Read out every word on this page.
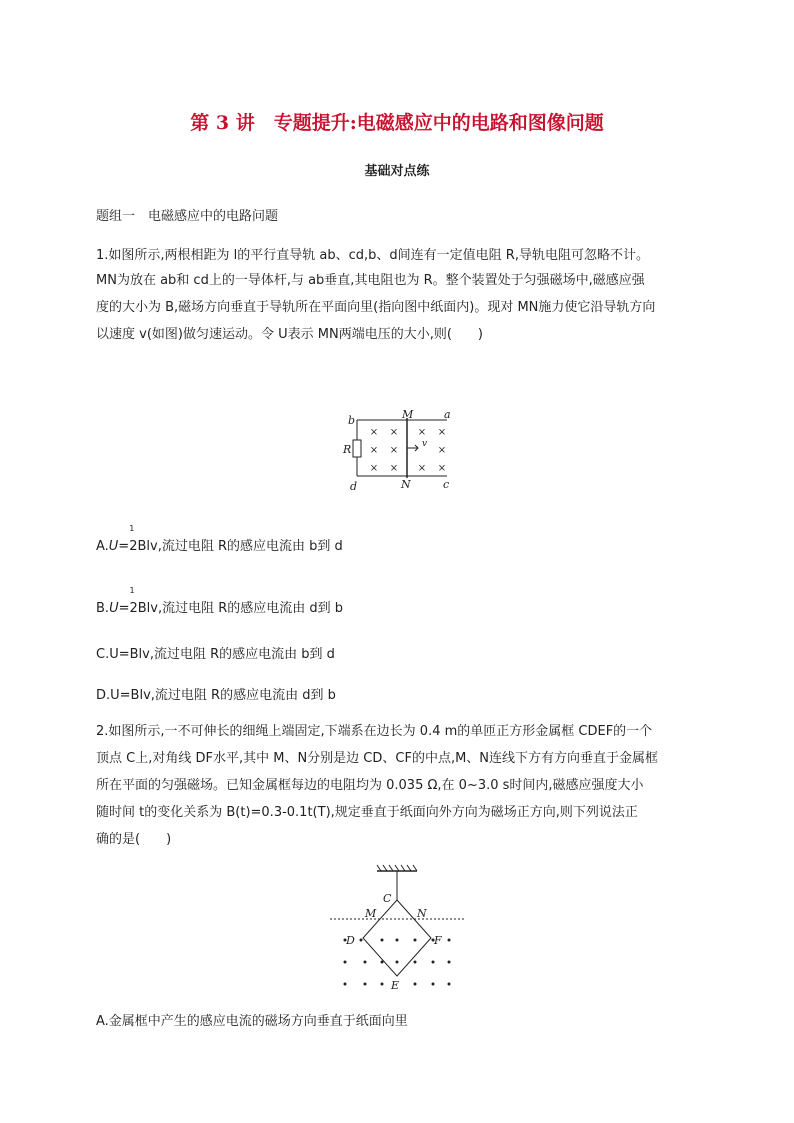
第 3 讲　专题提升:电磁感应中的电路和图像问题
基础对点练
题组一　电磁感应中的电路问题
1.如图所示,两根相距为 l的平行直导轨 ab、cd,b、d间连有一定值电阻 R,导轨电阻可忽略不计。
MN为放在 ab和 cd上的一导体杆,与 ab垂直,其电阻也为 R。整个装置处于匀强磁场中,磁感应强
度的大小为 B,磁场方向垂直于导轨所在平面向里(指向图中纸面内)。现对 MN施力使它沿导轨方向
以速度 v(如图)做匀速运动。令 U表示 MN两端电压的大小,则(　　)
× × × ×
× ×	×
× × × ×
b	M	a
R	v
d	N	c
A.U=
1
2Blv,流过电阻 R的感应电流由 b到 d
B.U=
1
2Blv,流过电阻 R的感应电流由 d到 b
C.U=Blv,流过电阻 R的感应电流由 b到 d
D.U=Blv,流过电阻 R的感应电流由 d到 b
2.如图所示,一不可伸长的细绳上端固定,下端系在边长为 0.4 m的单匝正方形金属框 CDEF的一个
顶点 C上,对角线 DF水平,其中 M、N分别是边 CD、CF的中点,M、N连线下方有方向垂直于金属框
所在平面的匀强磁场。已知金属框每边的电阻均为 0.035 Ω,在 0~3.0 s时间内,磁感应强度大小
随时间 t的变化关系为 B(t)=0.3-0.1t(T),规定垂直于纸面向外方向为磁场正方向,则下列说法正
确的是(　　)
C
M	N
D	F
E
A.金属框中产生的感应电流的磁场方向垂直于纸面向里
